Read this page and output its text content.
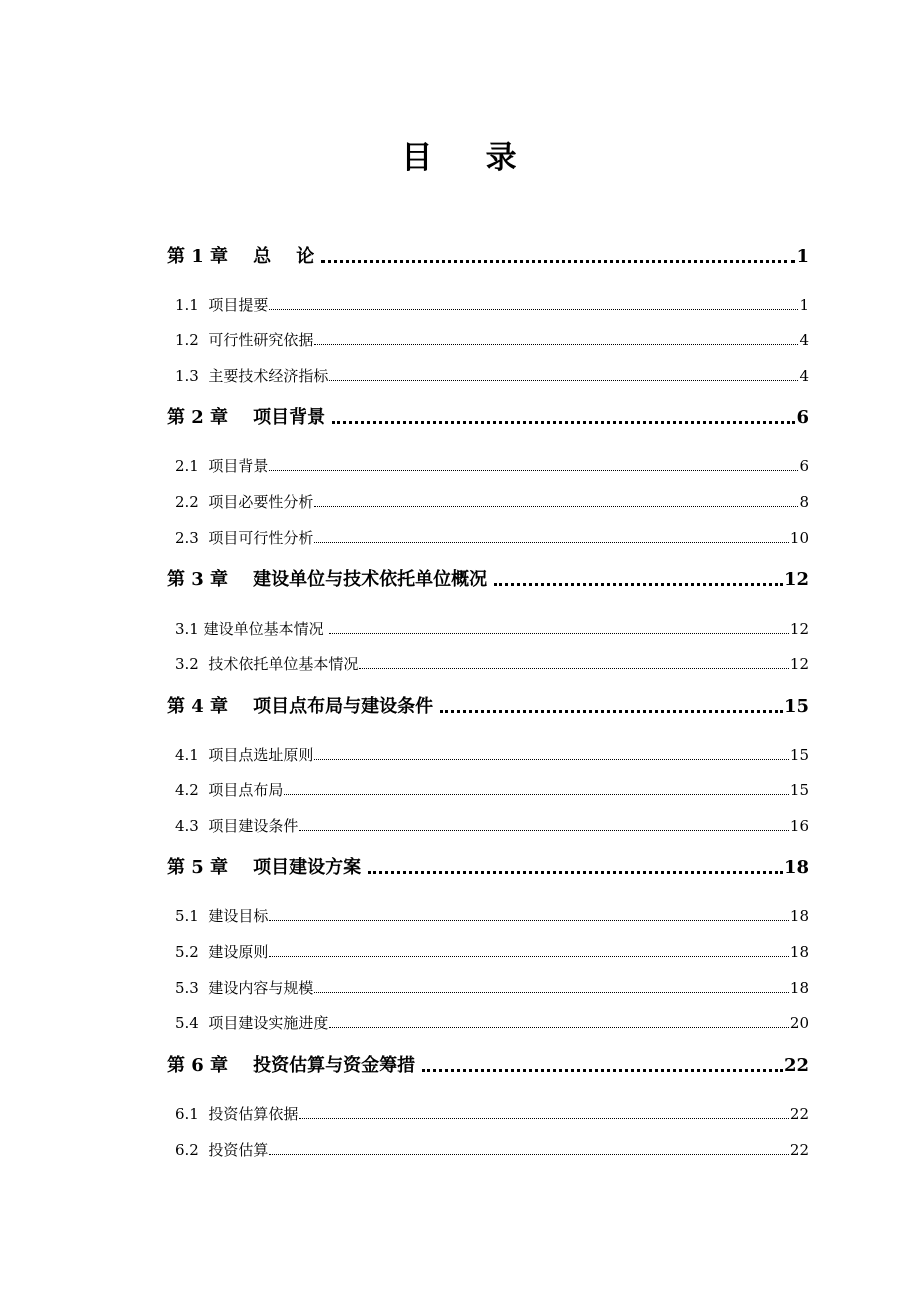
目    录
第 1 章    总    论	1
1.1  项目提要	1
1.2  可行性研究依据	4
1.3  主要技术经济指标	4
第 2 章    项目背景	6
2.1  项目背景	6
2.2  项目必要性分析	8
2.3  项目可行性分析	10
第 3 章    建设单位与技术依托单位概况	12
3.1 建设单位基本情况	12
3.2  技术依托单位基本情况	12
第 4 章    项目点布局与建设条件	15
4.1  项目点选址原则	15
4.2  项目点布局	15
4.3  项目建设条件	16
第 5 章    项目建设方案	18
5.1  建设目标	18
5.2  建设原则	18
5.3  建设内容与规模	18
5.4  项目建设实施进度	20
第 6 章    投资估算与资金筹措	22
6.1  投资估算依据	22
6.2  投资估算	22
